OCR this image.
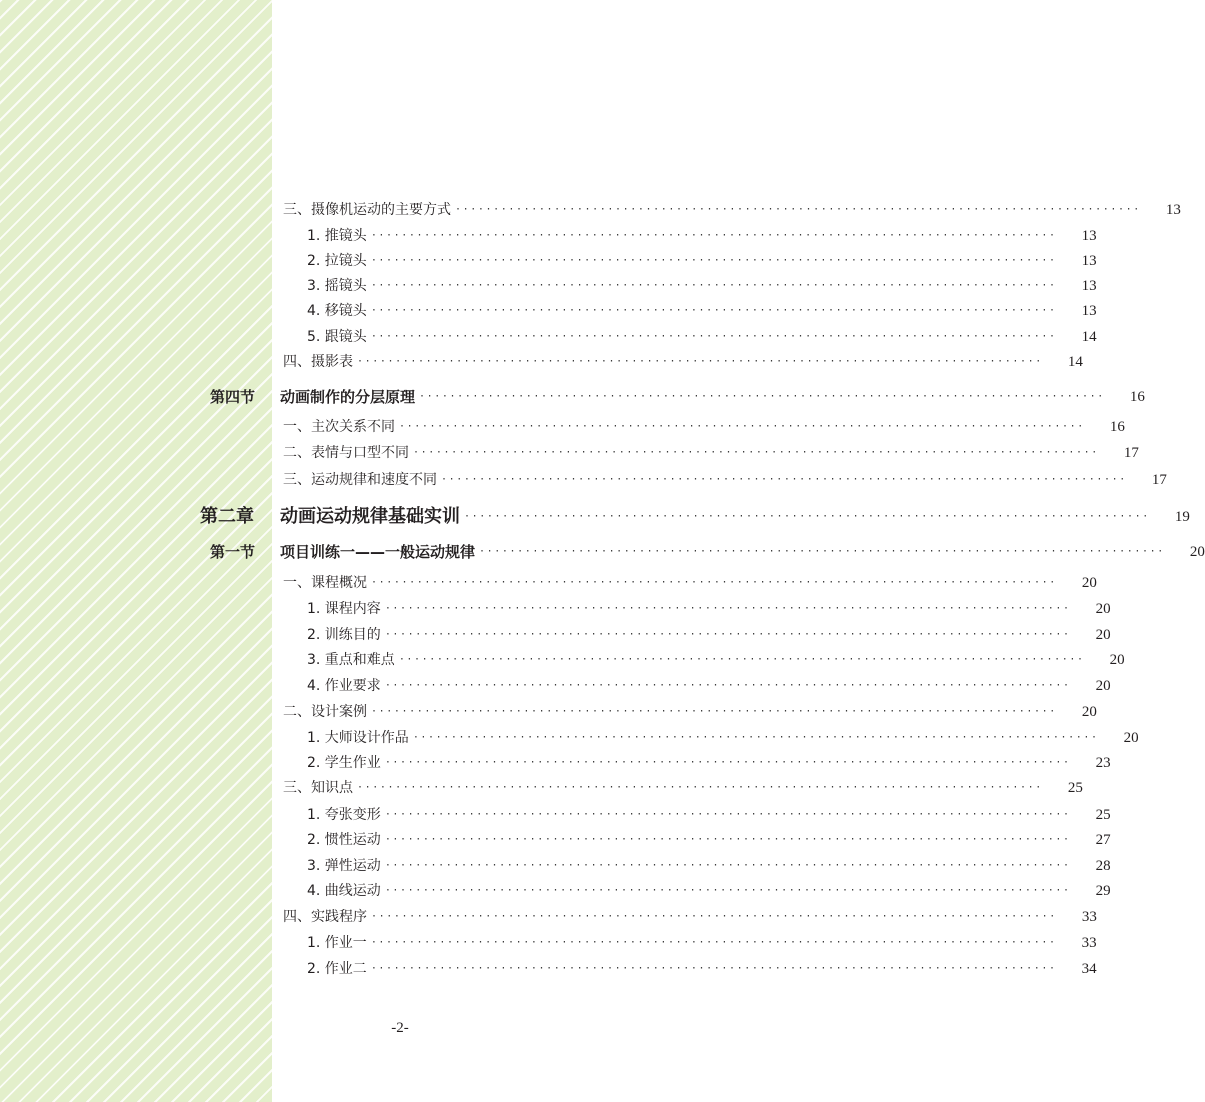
三、摄像机运动的主要方式 ··························································································	13
1. 推镜头 ··························································································	13
2. 拉镜头 ··························································································	13
3. 摇镜头 ··························································································	13
4. 移镜头 ··························································································	13
5. 跟镜头 ··························································································	14
四、摄影表 ··························································································	14
第四节 动画制作的分层原理 ··························································································	16
一、主次关系不同 ··························································································	16
二、表情与口型不同 ··························································································	17
三、运动规律和速度不同 ··························································································	17
第二章 动画运动规律基础实训 ··························································································	19
第一节 项目训练一——一般运动规律 ··························································································	20
一、课程概况 ··························································································	20
1. 课程内容 ··························································································	20
2. 训练目的 ··························································································	20
3. 重点和难点 ··························································································	20
4. 作业要求 ··························································································	20
二、设计案例 ··························································································	20
1. 大师设计作品 ··························································································	20
2. 学生作业 ··························································································	23
三、知识点 ··························································································	25
1. 夸张变形 ··························································································	25
2. 惯性运动 ··························································································	27
3. 弹性运动 ··························································································	28
4. 曲线运动 ··························································································	29
四、实践程序 ··························································································	33
1. 作业一 ··························································································	33
2. 作业二 ··························································································	34
-2-
